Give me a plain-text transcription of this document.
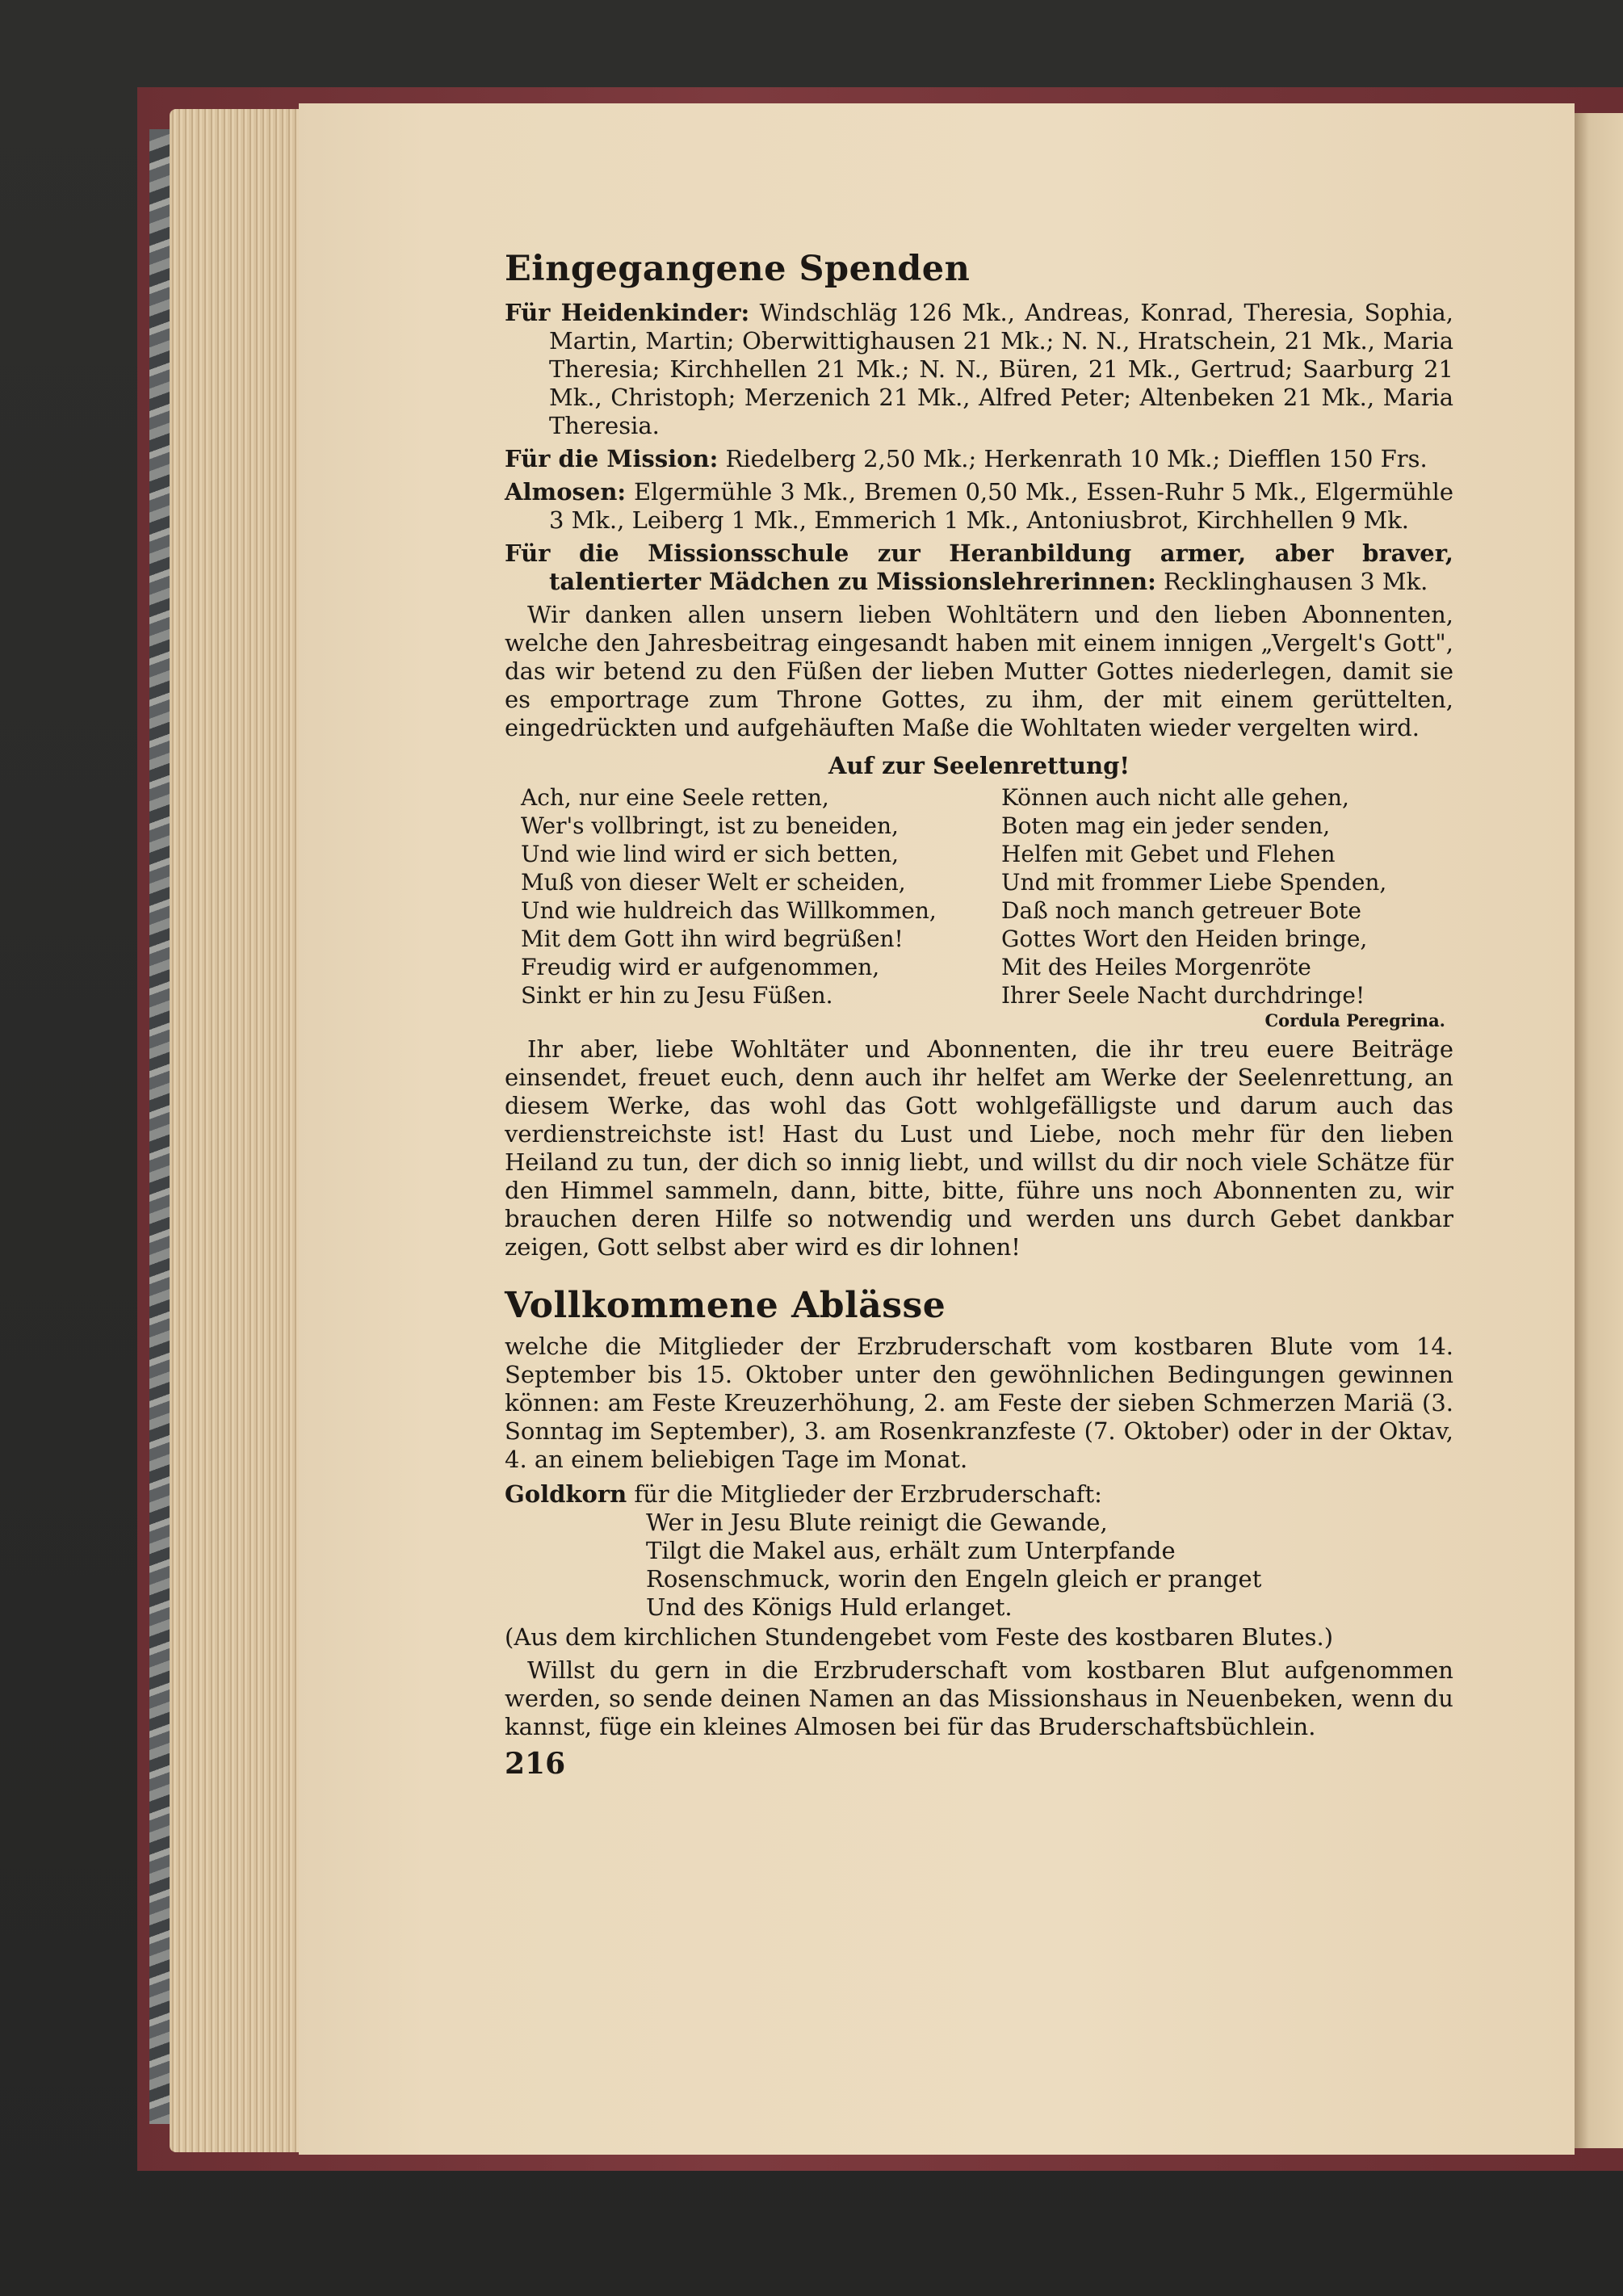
Eingegangene Spenden
Für Heidenkinder: Windschläg 126 Mk., Andreas, Konrad, Theresia, Sophia, Martin, Martin; Oberwittighausen 21 Mk.; N. N., Hratschein, 21 Mk., Maria Theresia; Kirchhellen 21 Mk.; N. N., Büren, 21 Mk., Gertrud; Saarburg 21 Mk., Christoph; Merzenich 21 Mk., Alfred Peter; Altenbeken 21 Mk., Maria Theresia.
Für die Mission: Riedelberg 2,50 Mk.; Herkenrath 10 Mk.; Diefflen 150 Frs.
Almosen: Elgermühle 3 Mk., Bremen 0,50 Mk., Essen-Ruhr 5 Mk., Elgermühle 3 Mk., Leiberg 1 Mk., Emmerich 1 Mk., Antoniusbrot, Kirchhellen 9 Mk.
Für die Missionsschule zur Heranbildung armer, aber braver, talentierter Mädchen zu Missionslehrerinnen: Recklinghausen 3 Mk.

Wir danken allen unsern lieben Wohltätern und den lieben Abonnenten, welche den Jahresbeitrag eingesandt haben mit einem innigen „Vergelt's Gott", das wir betend zu den Füßen der lieben Mutter Gottes niederlegen, damit sie es emportrage zum Throne Gottes, zu ihm, der mit einem gerüttelten, eingedrückten und aufgehäuften Maße die Wohltaten wieder vergelten wird.

Auf zur Seelenrettung!
Ach, nur eine Seele retten,
Wer's vollbringt, ist zu beneiden,
Und wie lind wird er sich betten,
Muß von dieser Welt er scheiden,
Und wie huldreich das Willkommen,
Mit dem Gott ihn wird begrüßen!
Freudig wird er aufgenommen,
Sinkt er hin zu Jesu Füßen.
Können auch nicht alle gehen,
Boten mag ein jeder senden,
Helfen mit Gebet und Flehen
Und mit frommer Liebe Spenden,
Daß noch manch getreuer Bote
Gottes Wort den Heiden bringe,
Mit des Heiles Morgenröte
Ihrer Seele Nacht durchdringe!
Cordula Peregrina.

Ihr aber, liebe Wohltäter und Abonnenten, die ihr treu euere Beiträge einsendet, freuet euch, denn auch ihr helfet am Werke der Seelenrettung, an diesem Werke, das wohl das Gott wohlgefälligste und darum auch das verdienstreichste ist! Hast du Lust und Liebe, noch mehr für den lieben Heiland zu tun, der dich so innig liebt, und willst du dir noch viele Schätze für den Himmel sammeln, dann, bitte, bitte, führe uns noch Abonnenten zu, wir brauchen deren Hilfe so notwendig und werden uns durch Gebet dankbar zeigen, Gott selbst aber wird es dir lohnen!

Vollkommene Ablässe

welche die Mitglieder der Erzbruderschaft vom kostbaren Blute vom 14. September bis 15. Oktober unter den gewöhnlichen Bedingungen gewinnen können: am Feste Kreuzerhöhung, 2. am Feste der sieben Schmerzen Mariä (3. Sonntag im September), 3. am Rosenkranzfeste (7. Oktober) oder in der Oktav, 4. an einem beliebigen Tage im Monat.

Goldkorn für die Mitglieder der Erzbruderschaft:
Wer in Jesu Blute reinigt die Gewande,
Tilgt die Makel aus, erhält zum Unterpfande
Rosenschmuck, worin den Engeln gleich er pranget
Und des Königs Huld erlanget.
(Aus dem kirchlichen Stundengebet vom Feste des kostbaren Blutes.)

Willst du gern in die Erzbruderschaft vom kostbaren Blut aufgenommen werden, so sende deinen Namen an das Missionshaus in Neuenbeken, wenn du kannst, füge ein kleines Almosen bei für das Bruderschaftsbüchlein.

216
